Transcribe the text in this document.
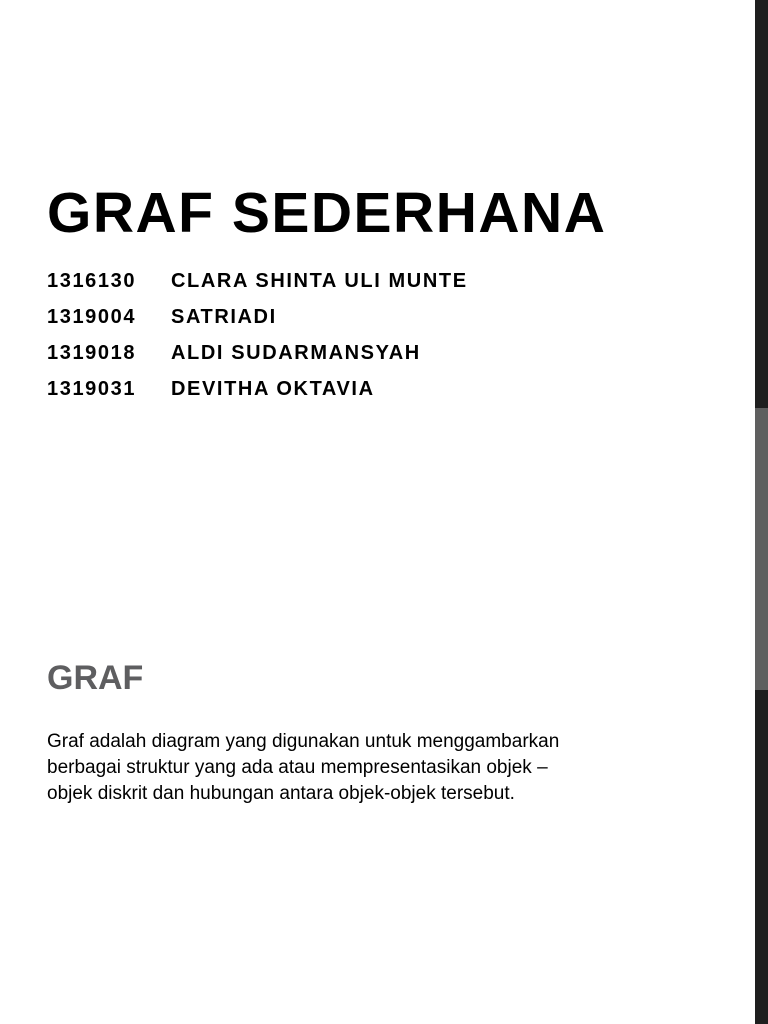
GRAF SEDERHANA
1316130 CLARA SHINTA ULI MUNTE
1319004 SATRIADI
1319018 ALDI SUDARMANSYAH
1319031 DEVITHA OKTAVIA
GRAF

Graf adalah diagram yang digunakan untuk menggambarkan
berbagai struktur yang ada atau mempresentasikan objek –
objek diskrit dan hubungan antara objek-objek tersebut.
